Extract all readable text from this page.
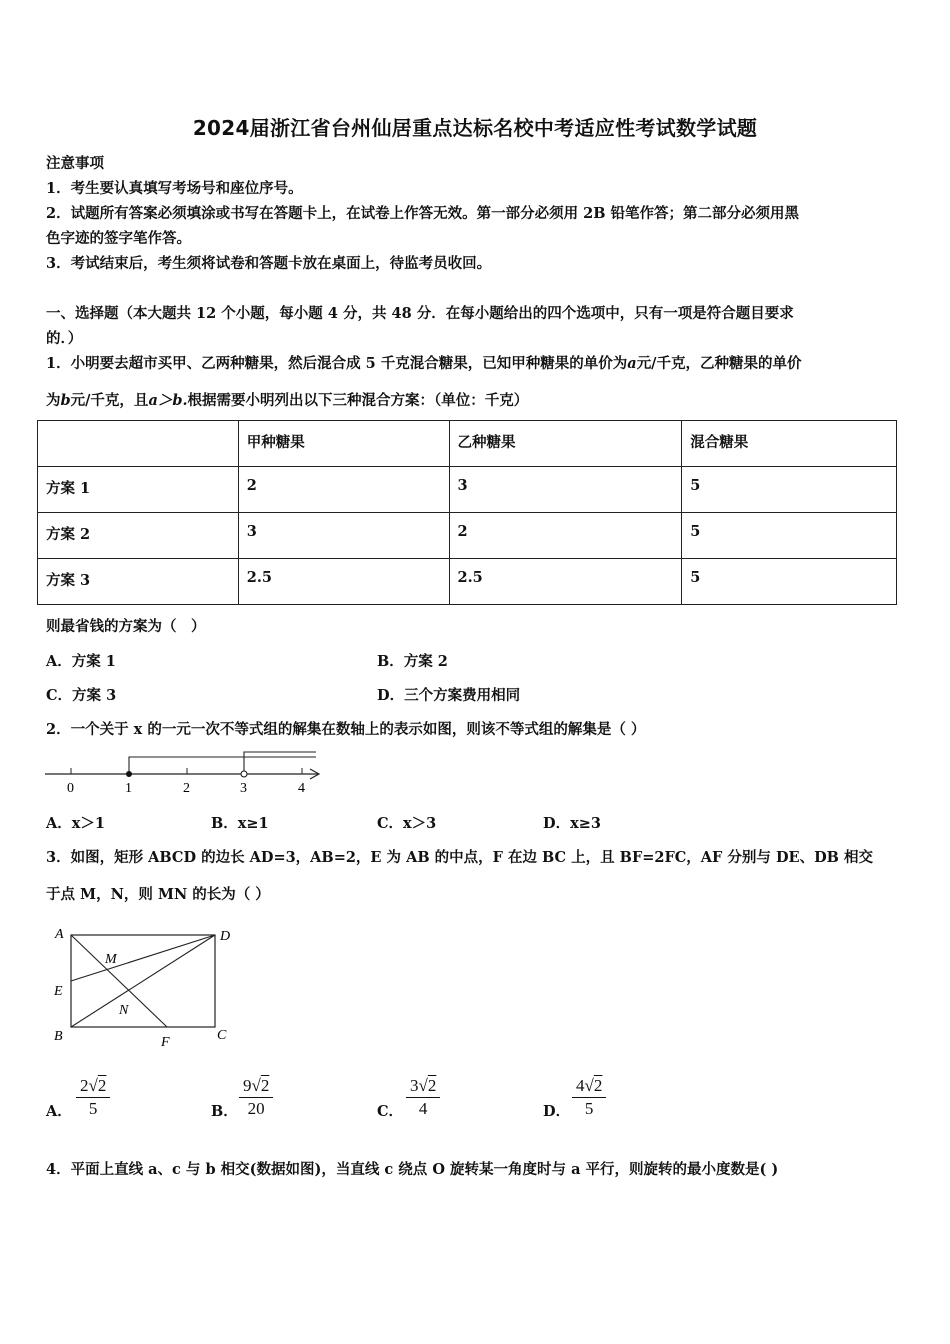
2024届浙江省台州仙居重点达标名校中考适应性考试数学试题
注意事项
1．考生要认真填写考场号和座位序号。
2．试题所有答案必须填涂或书写在答题卡上，在试卷上作答无效。第一部分必须用 2B 铅笔作答；第二部分必须用黑
色字迹的签字笔作答。
3．考试结束后，考生须将试卷和答题卡放在桌面上，待监考员收回。
一、选择题（本大题共 12 个小题，每小题 4 分，共 48 分．在每小题给出的四个选项中，只有一项是符合题目要求
的．）
1．小明要去超市买甲、乙两种糖果，然后混合成 5 千克混合糖果，已知甲种糖果的单价为a元/千克，乙种糖果的单价
为b元/千克，且a＞b.根据需要小明列出以下三种混合方案：（单位：千克）
	甲种糖果	乙种糖果	混合糖果
方案 1	2	3	5
方案 2	3	2	5
方案 3	2.5	2.5	5
则最省钱的方案为（　）
A．方案 1	B．方案 2
C．方案 3	D．三个方案费用相同
2．一个关于 x 的一元一次不等式组的解集在数轴上的表示如图，则该不等式组的解集是（ ）
0	1	2	3	4
A．x＞1	B．x≥1	C．x＞3	D．x≥3
3．如图，矩形 ABCD 的边长 AD=3，AB=2，E 为 AB 的中点，F 在边 BC 上，且 BF=2FC，AF 分别与 DE、DB 相交
于点 M，N，则 MN 的长为（ ）
A	D
M
E
N
B	F	C
A． $\frac{2√2}{5}$	B． $\frac{9√2}{20}$	C． $\frac{3√2}{4}$	D． $\frac{4√2}{5}$
4．平面上直线 a、c 与 b 相交(数据如图)，当直线 c 绕点 O 旋转某一角度时与 a 平行，则旋转的最小度数是( )
